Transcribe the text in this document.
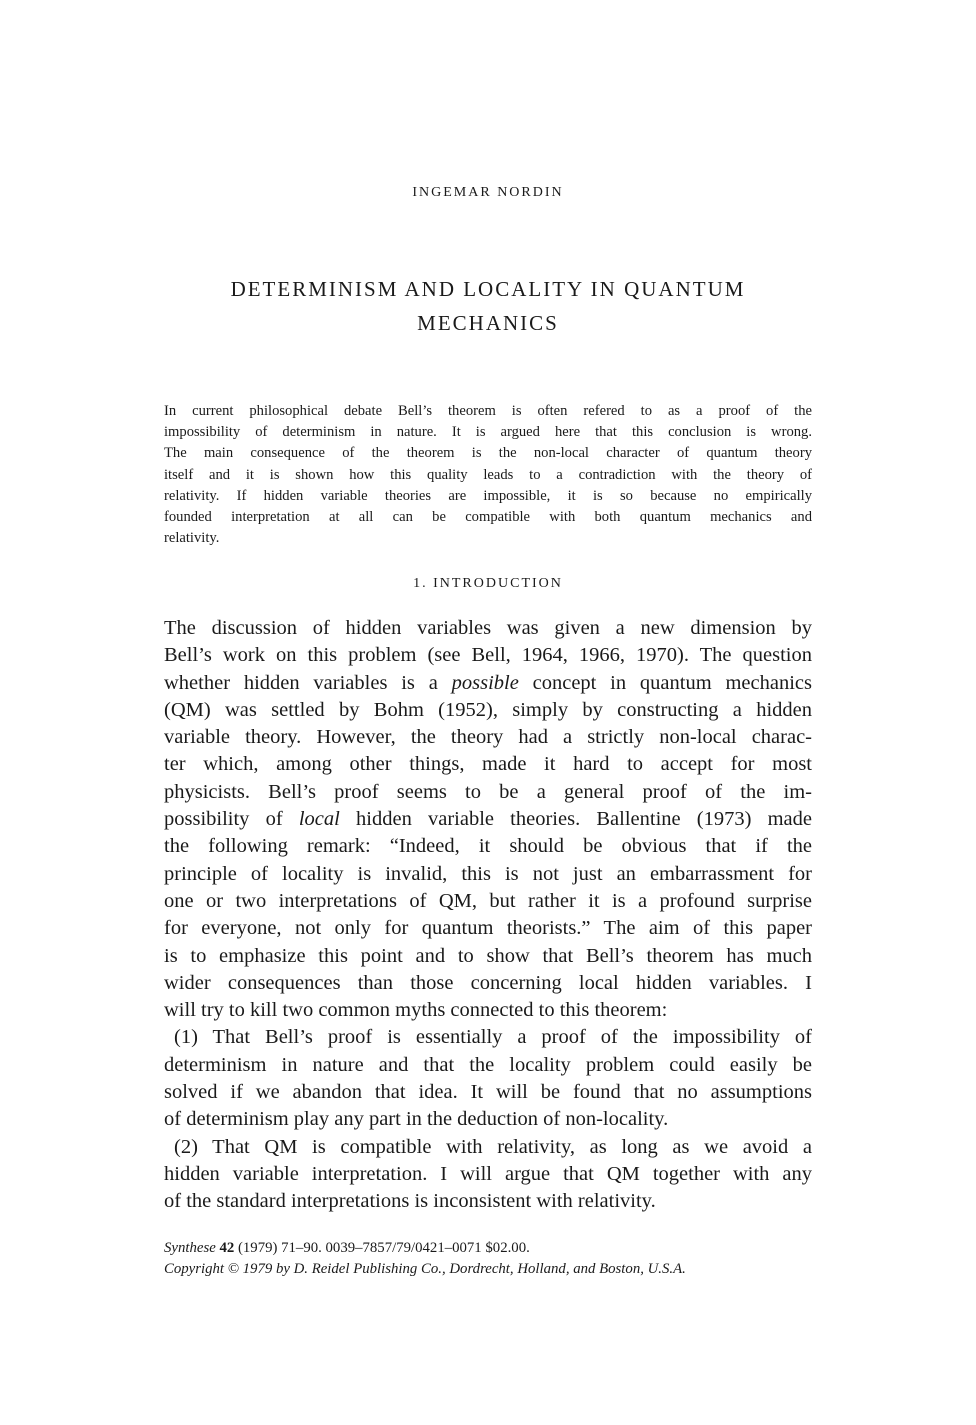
INGEMAR NORDIN
DETERMINISM AND LOCALITY IN QUANTUM
MECHANICS
In current philosophical debate Bell’s theorem is often refered to as a proof of the
impossibility of determinism in nature. It is argued here that this conclusion is wrong.
The main consequence of the theorem is the non-local character of quantum theory
itself and it is shown how this quality leads to a contradiction with the theory of
relativity. If hidden variable theories are impossible, it is so because no empirically
founded interpretation at all can be compatible with both quantum mechanics and
relativity.
1. INTRODUCTION
The discussion of hidden variables was given a new dimension by
Bell’s work on this problem (see Bell, 1964, 1966, 1970). The question
whether hidden variables is a possible concept in quantum mechanics
(QM) was settled by Bohm (1952), simply by constructing a hidden
variable theory. However, the theory had a strictly non-local charac-
ter which, among other things, made it hard to accept for most
physicists. Bell’s proof seems to be a general proof of the im-
possibility of local hidden variable theories. Ballentine (1973) made
the following remark: “Indeed, it should be obvious that if the
principle of locality is invalid, this is not just an embarrassment for
one or two interpretations of QM, but rather it is a profound surprise
for everyone, not only for quantum theorists.” The aim of this paper
is to emphasize this point and to show that Bell’s theorem has much
wider consequences than those concerning local hidden variables. I
will try to kill two common myths connected to this theorem:
(1) That Bell’s proof is essentially a proof of the impossibility of
determinism in nature and that the locality problem could easily be
solved if we abandon that idea. It will be found that no assumptions
of determinism play any part in the deduction of non-locality.
(2) That QM is compatible with relativity, as long as we avoid a
hidden variable interpretation. I will argue that QM together with any
of the standard interpretations is inconsistent with relativity.
Synthese 42 (1979) 71–90. 0039–7857/79/0421–0071 $02.00.
Copyright © 1979 by D. Reidel Publishing Co., Dordrecht, Holland, and Boston, U.S.A.
